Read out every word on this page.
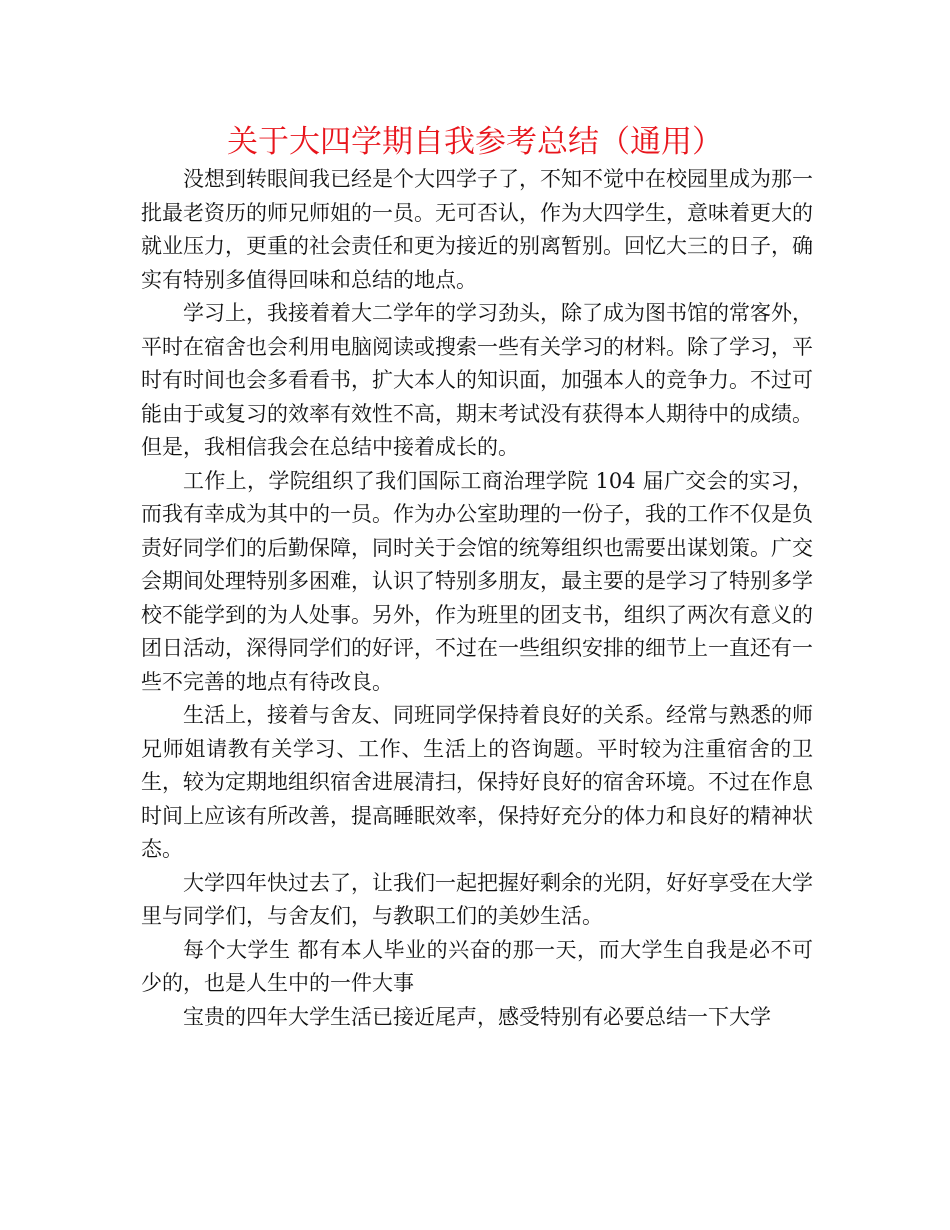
关于大四学期自我参考总结（通用）

没想到转眼间我已经是个大四学子了，不知不觉中在校园里成为那一批最老资历的师兄师姐的一员。无可否认，作为大四学生，意味着更大的就业压力，更重的社会责任和更为接近的别离暂别。回忆大三的日子，确实有特别多值得回味和总结的地点。

学习上，我接着着大二学年的学习劲头，除了成为图书馆的常客外，平时在宿舍也会利用电脑阅读或搜索一些有关学习的材料。除了学习，平时有时间也会多看看书，扩大本人的知识面，加强本人的竞争力。不过可能由于或复习的效率有效性不高，期末考试没有获得本人期待中的成绩。但是，我相信我会在总结中接着成长的。

工作上，学院组织了我们国际工商治理学院 104 届广交会的实习，而我有幸成为其中的一员。作为办公室助理的一份子，我的工作不仅是负责好同学们的后勤保障，同时关于会馆的统筹组织也需要出谋划策。广交会期间处理特别多困难，认识了特别多朋友，最主要的是学习了特别多学校不能学到的为人处事。另外，作为班里的团支书，组织了两次有意义的团日活动，深得同学们的好评，不过在一些组织安排的细节上一直还有一些不完善的地点有待改良。

生活上，接着与舍友、同班同学保持着良好的关系。经常与熟悉的师兄师姐请教有关学习、工作、生活上的咨询题。平时较为注重宿舍的卫生，较为定期地组织宿舍进展清扫，保持好良好的宿舍环境。不过在作息时间上应该有所改善，提高睡眠效率，保持好充分的体力和良好的精神状态。

大学四年快过去了，让我们一起把握好剩余的光阴，好好享受在大学里与同学们，与舍友们，与教职工们的美妙生活。

每个大学生 都有本人毕业的兴奋的那一天，而大学生自我是必不可少的，也是人生中的一件大事

宝贵的四年大学生活已接近尾声，感受特别有必要总结一下大学
